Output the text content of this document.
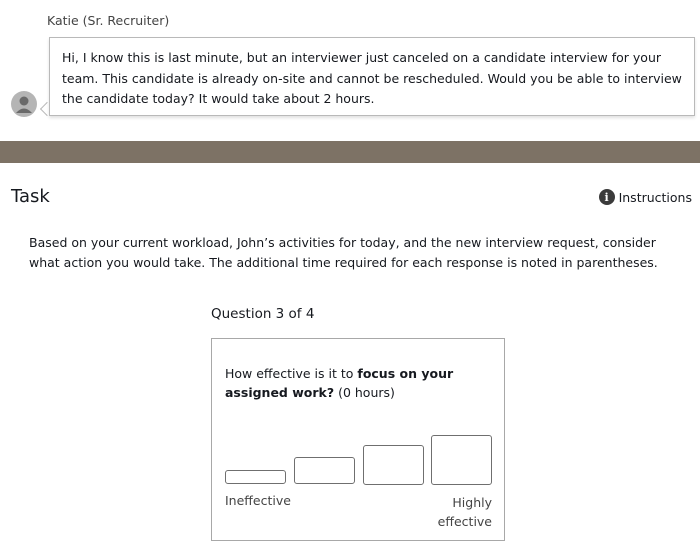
Katie (Sr. Recruiter)
Hi, I know this is last minute, but an interviewer just canceled on a candidate interview for your team. This candidate is already on-site and cannot be rescheduled. Would you be able to interview the candidate today? It would take about 2 hours.
Task	i Instructions
Based on your current workload, John’s activities for today, and the new interview request, consider what action you would take. The additional time required for each response is noted in parentheses.
Question 3 of 4
How effective is it to focus on your assigned work? (0 hours)
Ineffective	Highly effective
